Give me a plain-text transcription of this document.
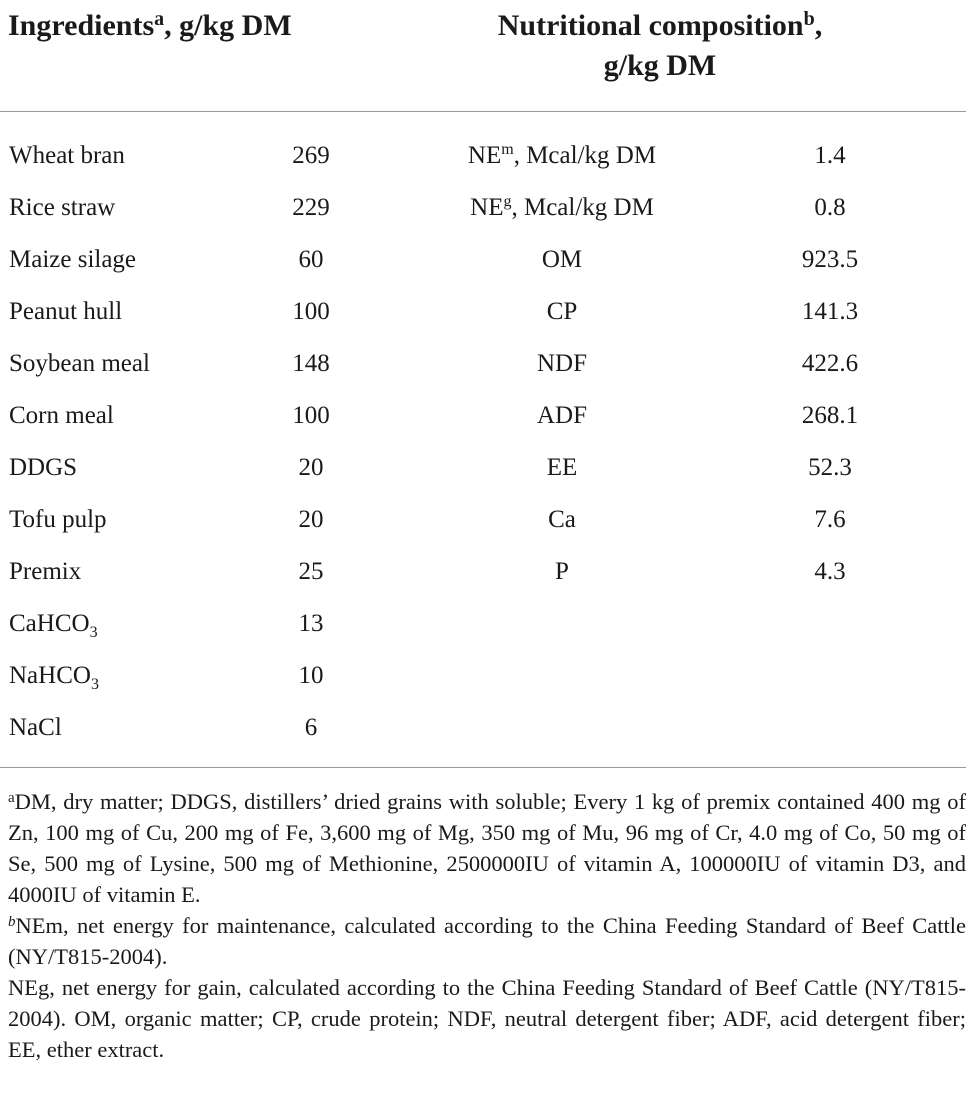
Ingredients$^a$, g/kg DM	Nutritional composition$^b$,
g/kg DM
Wheat bran	269	$NE^m$, Mcal/kg DM	1.4
Rice straw	229	$NE^g$, Mcal/kg DM	0.8
Maize silage	60	OM	923.5
Peanut hull	100	CP	141.3
Soybean meal	148	NDF	422.6
Corn meal	100	ADF	268.1
DDGS	20	EE	52.3
Tofu pulp	20	Ca	7.6
Premix	25	P	4.3
CaHCO$_3$	13
NaHCO$_3$	10
NaCl	6

$^a$DM, dry matter; DDGS, distillers’ dried grains with soluble; Every 1 kg of premix contained 400 mg of Zn, 100 mg of Cu, 200 mg of Fe, 3,600 mg of Mg, 350 mg of Mu, 96 mg of Cr, 4.0 mg of Co, 50 mg of Se, 500 mg of Lysine, 500 mg of Methionine, 2500000IU of vitamin A, 100000IU of vitamin D3, and 4000IU of vitamin E.

$^b$NEm, net energy for maintenance, calculated according to the China Feeding Standard of Beef Cattle (NY/T815-2004).

NEg, net energy for gain, calculated according to the China Feeding Standard of Beef Cattle (NY/T815-2004). OM, organic matter; CP, crude protein; NDF, neutral detergent fiber; ADF, acid detergent fiber; EE, ether extract.
